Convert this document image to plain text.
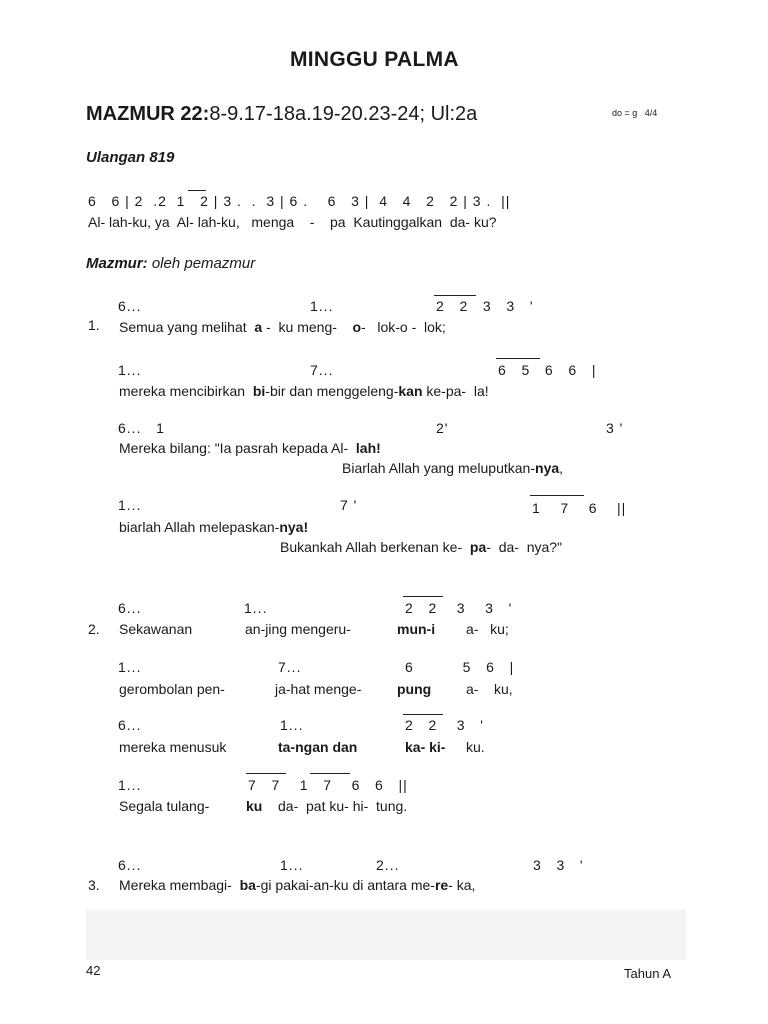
MINGGU PALMA
MAZMUR 22:8-9.17-18a.19-20.23-24; Ul:2a	do = g   4/4
Ulangan 819
6   6 | 2  .2  1   2 | 3 .  .  3 | 6 .    6   3 |  4   4   2   2 | 3 .  ||
Al- lah-ku, ya  Al- lah-ku,   menga    -    pa  Kautinggalkan  da- ku?
Mazmur: oleh pemazmur
1.
6...	1...	2   2   3   3   '
Semua yang melihat  a -  ku meng-    o-   lok-o -  lok;
1...	7...	6   5   6   6   |
mereka mencibirkan  bi-bir dan menggeleng-kan ke-pa-  la!
6...   1	2'	3 '
Mereka bilang: "Ia pasrah kepada Al-  lah!
Biarlah Allah yang meluputkan-nya,
1...	7 '	1    7    6    ||
biarlah Allah melepaskan-nya!
Bukankah Allah berkenan ke-  pa-  da-  nya?"
2.
6...	1...	2   2    3    3   '
Sekawanan	an-jing mengeru-	mun-i a-   ku;
1...	7...	6          5   6   |
gerombolan pen-	ja-hat menge-	pung a-    ku,
6...	1...	2   2    3   '
mereka menusuk	ta-ngan dan	ka- ki- ku.
1...	7   7    1   7    6   6   ||
Segala tulang-	ku da-  pat ku- hi-  tung.
3.
6...	1...	2...	3   3   '
Mereka membagi- ba-gi pakai-an-ku di antara me-re- ka,
42	Tahun A
